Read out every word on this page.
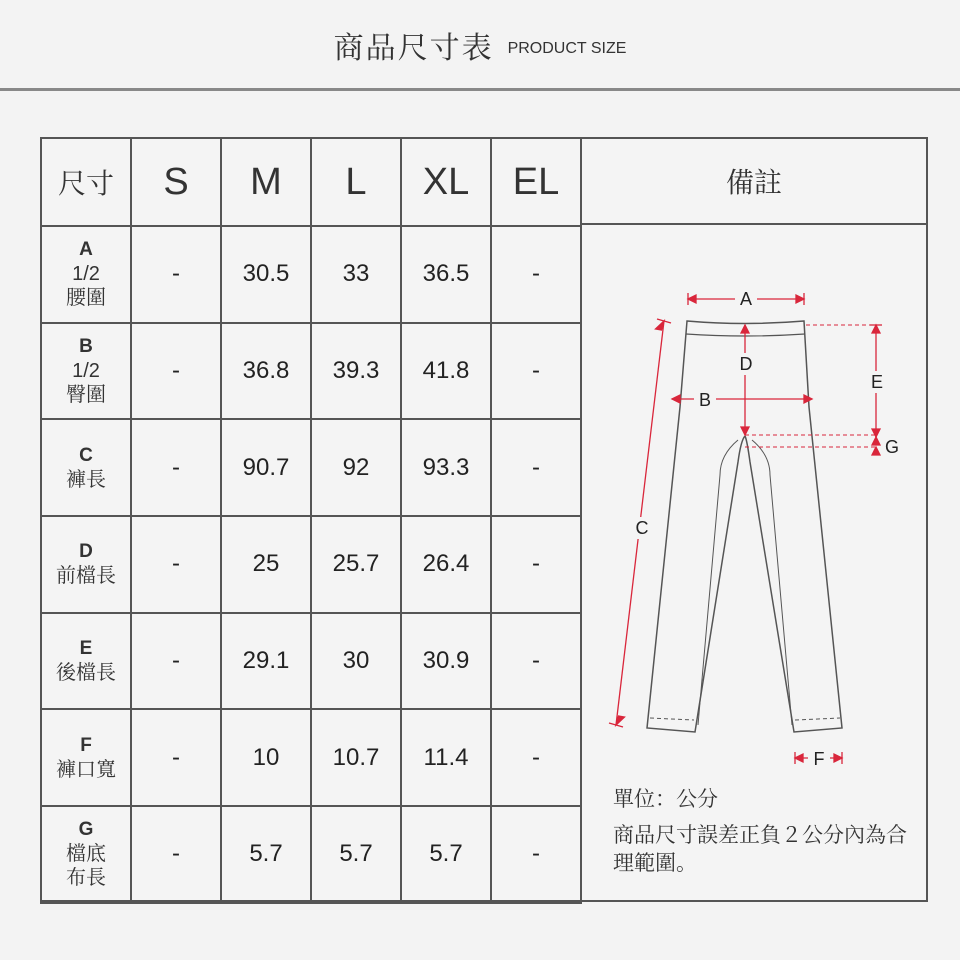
商品尺寸表 PRODUCT SIZE
尺寸	S	M	L	XL	EL

A
1/2
腰圍	-	30.5	33	36.5	-

B
1/2
臀圍	-	36.8	39.3	41.8	-

C
褲長	-	90.7	92	93.3	-

D
前檔長	-	25	25.7	26.4	-

E
後檔長	-	29.1	30	30.9	-

F
褲口寬	-	10	10.7	11.4	-

G
檔底
布長	-	5.7	5.7	5.7	-
備註
A
B
C
D
E
G
F
單位：公分
商品尺寸誤差正負２公分內為合理範圍。
